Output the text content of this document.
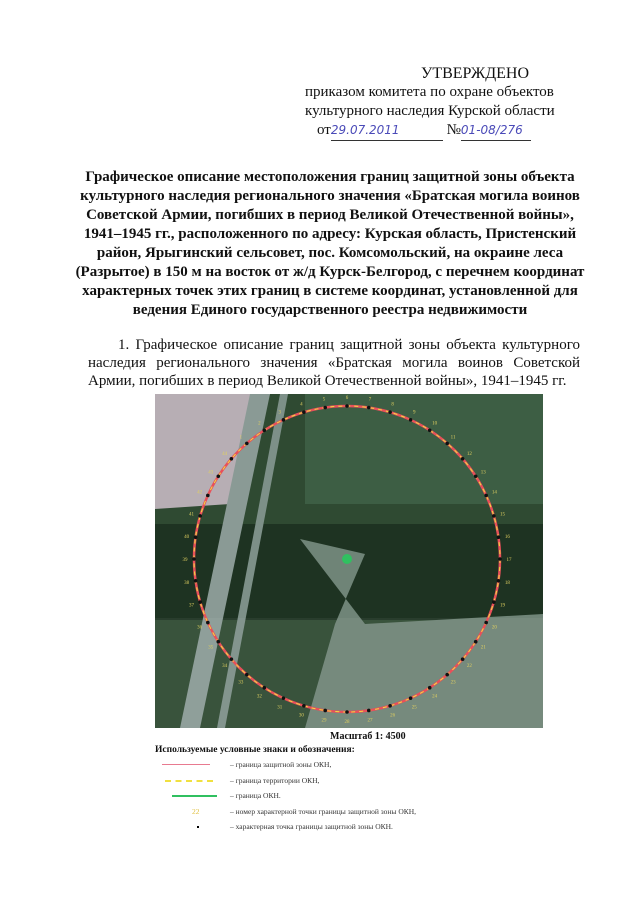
УТВЕРЖДЕНО
приказом комитета по охране объектов
культурного наследия Курской области
от29.07.2011	№01-08/276
Графическое описание местоположения границ защитной зоны объекта культурного наследия регионального значения «Братская могила воинов Советской Армии, погибших в период Великой Отечественной войны», 1941–1945 гг., расположенного по адресу: Курская область, Пристенский район, Ярыгинский сельсовет, пос. Комсомольский, на окраине леса (Разрытое) в 150 м на восток от ж/д Курск-Белгород, с перечнем координат характерных точек этих границ в системе координат, установленной для ведения Единого государственного реестра недвижимости
1. Графическое описание границ защитной зоны объекта культурного наследия регионального значения «Братская могила воинов Советской Армии, погибших в период Великой Отечественной войны», 1941–1945 гг.
1
2
3
4
5	6	7
8
9
10
11
12
13
14
15
16
17
18
19
20
21
22
23
24
25
26
27
28
29
30
31
32
33
34
35
36
37
38
39
40
41
42
43
44
Масштаб 1: 4500
Используемые условные знаки и обозначения:
– граница защитной зоны ОКН,
– граница территории ОКН,
– граница ОКН.
22	– номер характерной точки границы защитной зоны ОКН,
– характерная точка границы защитной зоны ОКН.
